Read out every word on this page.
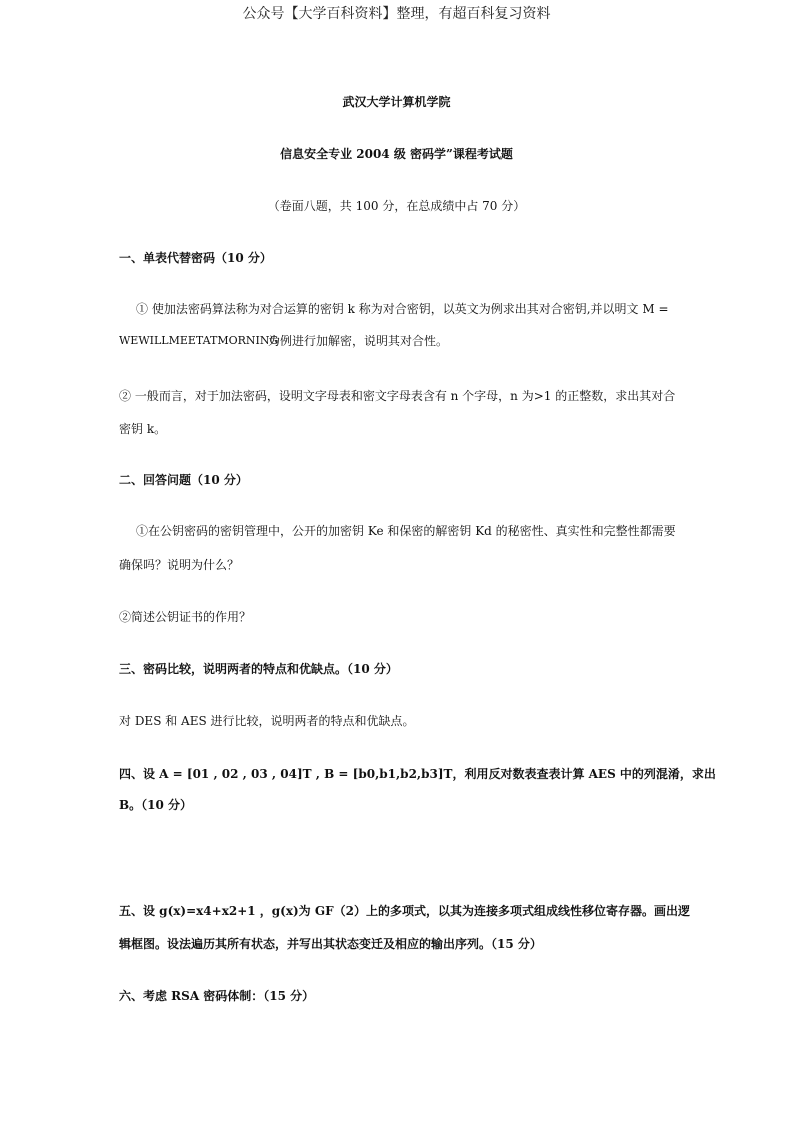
公众号【大学百科资料】整理，有超百科复习资料
武汉大学计算机学院
信息安全专业 2004 级 密码学”课程考试题
（卷面八题，共 100 分，在总成绩中占 70 分）
一、单表代替密码（10 分）
① 使加法密码算法称为对合运算的密钥 k 称为对合密钥，以英文为例求出其对合密钥,并以明文 M =
WEWILLMEETATMORNING
为例进行加解密，说明其对合性。
② 一般而言，对于加法密码，设明文字母表和密文字母表含有 n 个字母，n 为>1 的正整数，求出其对合
密钥 k。
二、回答问题（10 分）
①在公钥密码的密钥管理中，公开的加密钥 Ke 和保密的解密钥 Kd 的秘密性、真实性和完整性都需要
确保吗？说明为什么？
②简述公钥证书的作用？
三、密码比较，说明两者的特点和优缺点。（10 分）
对 DES 和 AES 进行比较，说明两者的特点和优缺点。
四、设 A = [01 , 02 , 03 , 04]T , B = [b0,b1,b2,b3]T，利用反对数表查表计算 AES 中的列混淆，求出
B。（10 分）
五、设 g(x)=x4+x2+1 ，g(x)为 GF（2）上的多项式，以其为连接多项式组成线性移位寄存器。画出逻
辑框图。设法遍历其所有状态，并写出其状态变迁及相应的输出序列。（15 分）
六、考虑 RSA 密码体制：（15 分）
